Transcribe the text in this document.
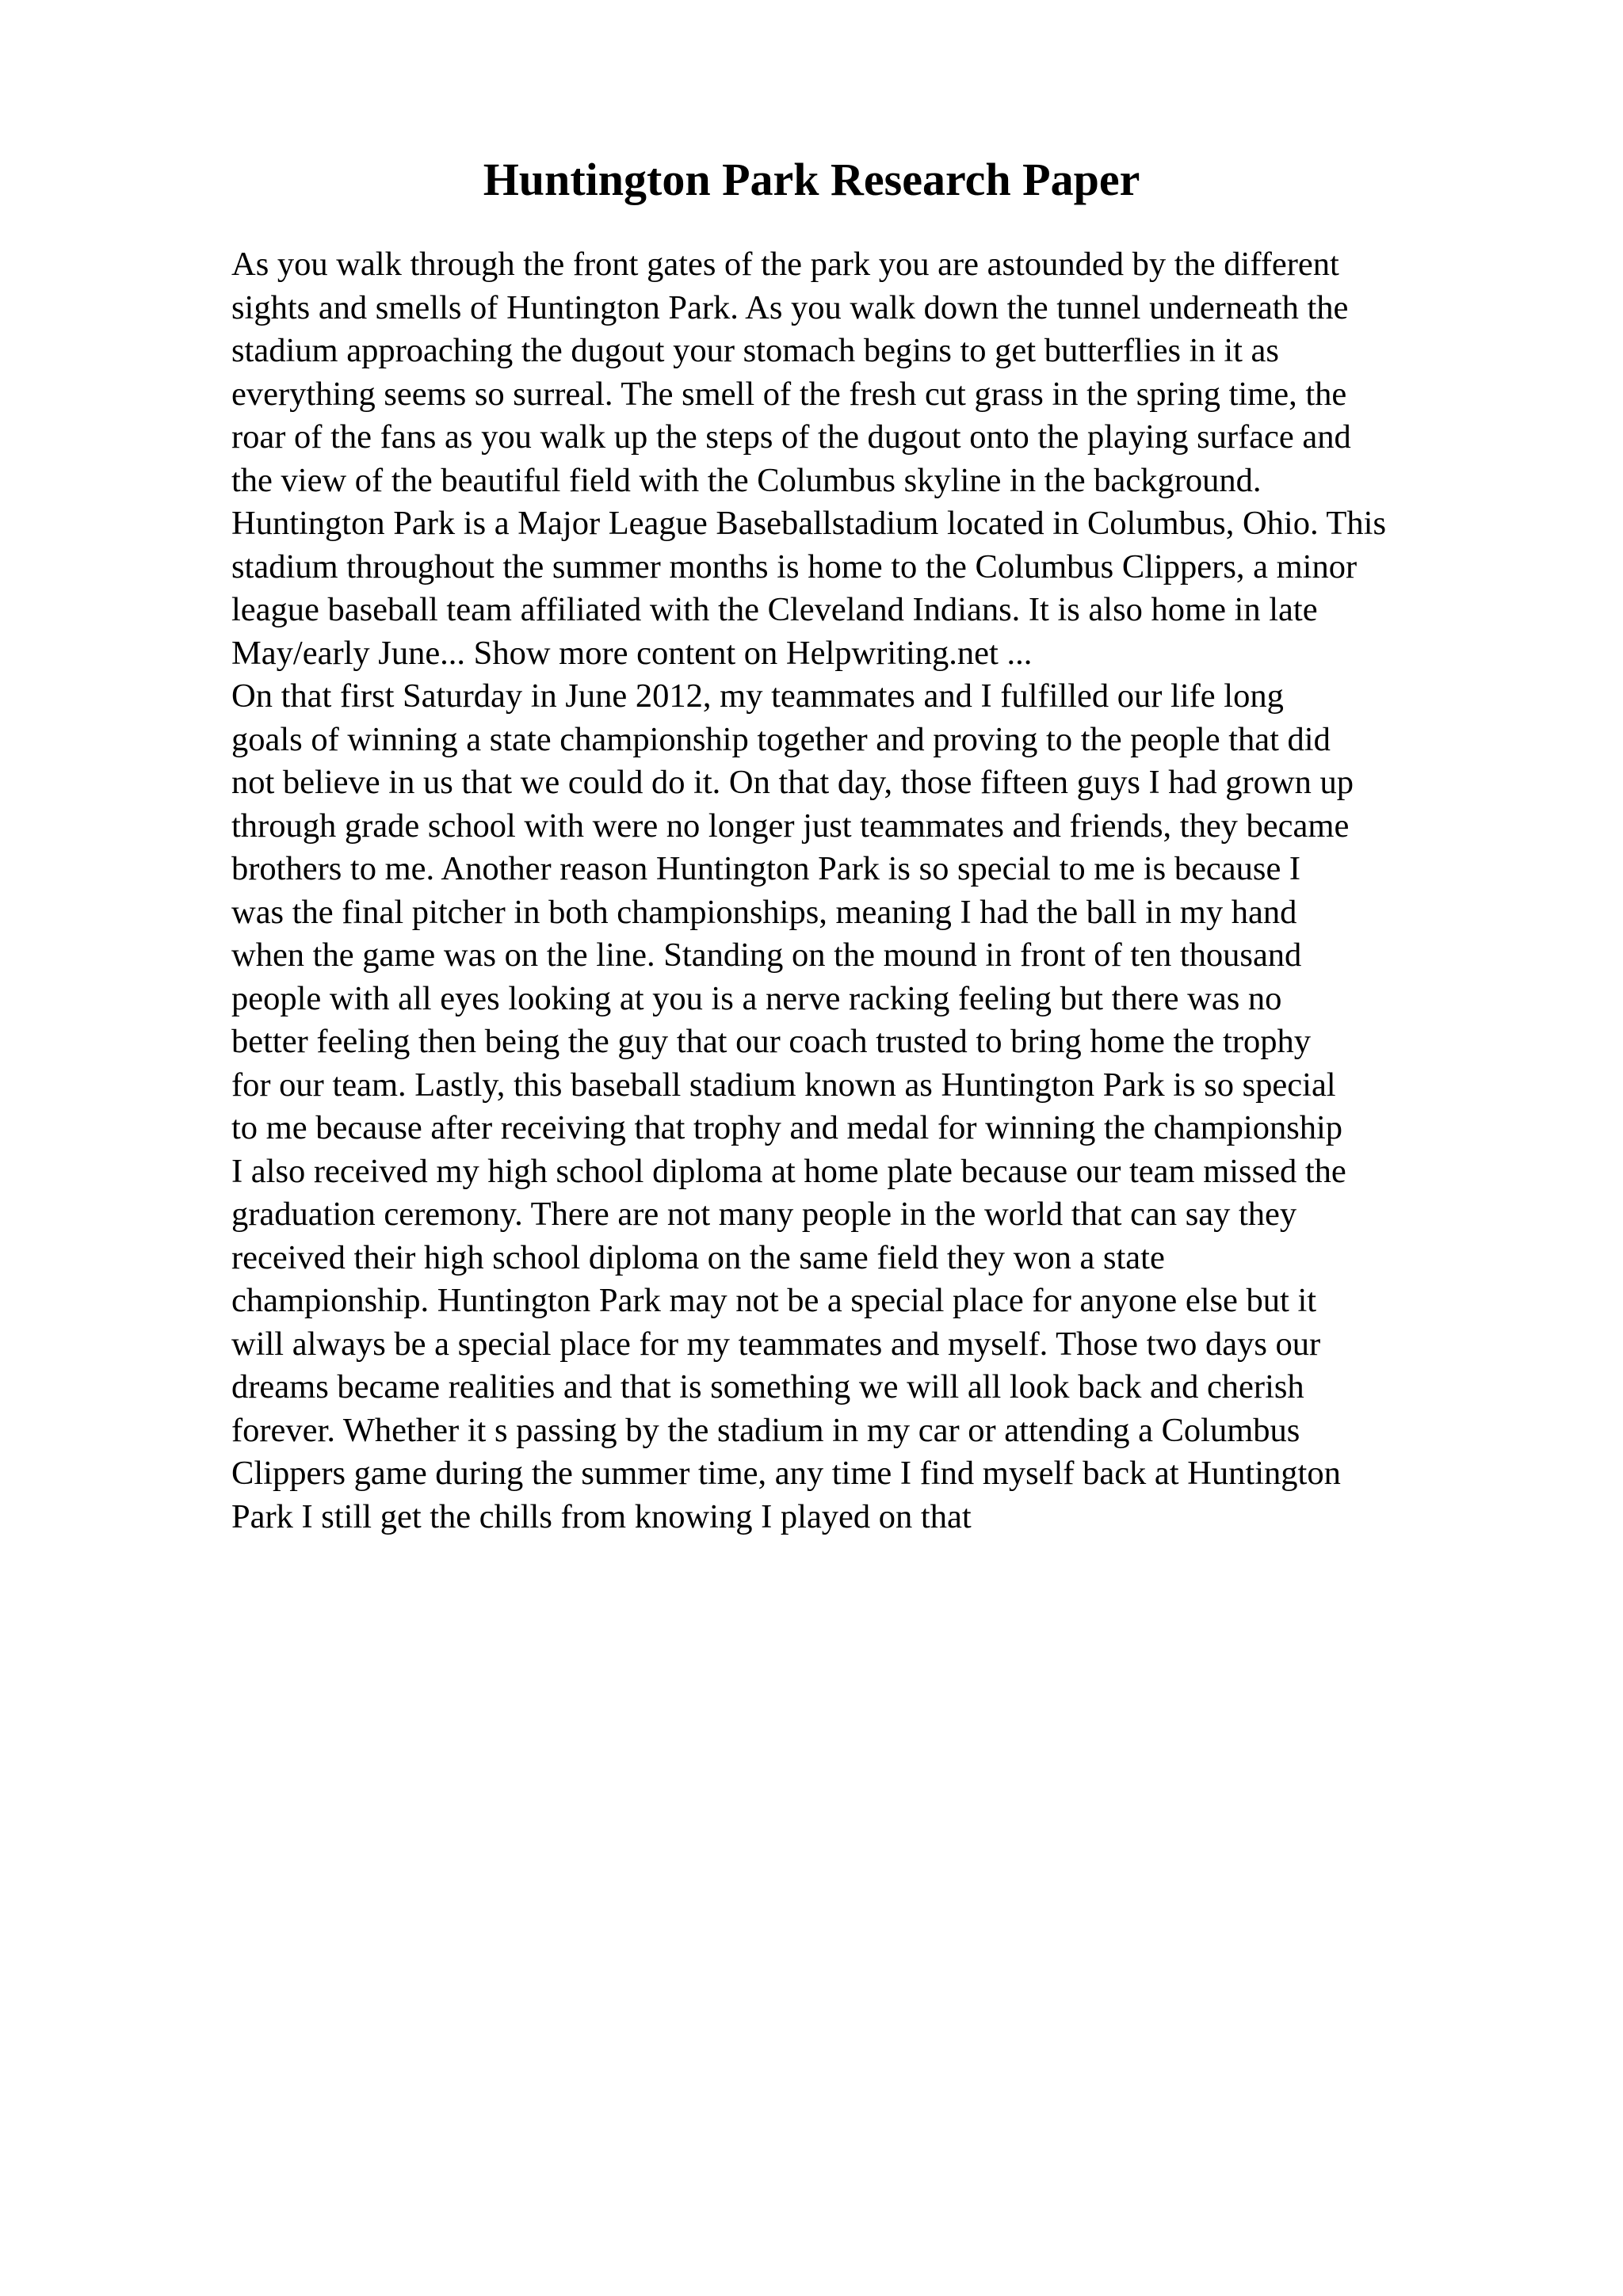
Huntington Park Research Paper
As you walk through the front gates of the park you are astounded by the different
sights and smells of Huntington Park. As you walk down the tunnel underneath the
stadium approaching the dugout your stomach begins to get butterflies in it as
everything seems so surreal. The smell of the fresh cut grass in the spring time, the
roar of the fans as you walk up the steps of the dugout onto the playing surface and
the view of the beautiful field with the Columbus skyline in the background.
Huntington Park is a Major League Baseballstadium located in Columbus, Ohio. This
stadium throughout the summer months is home to the Columbus Clippers, a minor
league baseball team affiliated with the Cleveland Indians. It is also home in late
May/early June... Show more content on Helpwriting.net ...
On that first Saturday in June 2012, my teammates and I fulfilled our life long
goals of winning a state championship together and proving to the people that did
not believe in us that we could do it. On that day, those fifteen guys I had grown up
through grade school with were no longer just teammates and friends, they became
brothers to me. Another reason Huntington Park is so special to me is because I
was the final pitcher in both championships, meaning I had the ball in my hand
when the game was on the line. Standing on the mound in front of ten thousand
people with all eyes looking at you is a nerve racking feeling but there was no
better feeling then being the guy that our coach trusted to bring home the trophy
for our team. Lastly, this baseball stadium known as Huntington Park is so special
to me because after receiving that trophy and medal for winning the championship
I also received my high school diploma at home plate because our team missed the
graduation ceremony. There are not many people in the world that can say they
received their high school diploma on the same field they won a state
championship. Huntington Park may not be a special place for anyone else but it
will always be a special place for my teammates and myself. Those two days our
dreams became realities and that is something we will all look back and cherish
forever. Whether it s passing by the stadium in my car or attending a Columbus
Clippers game during the summer time, any time I find myself back at Huntington
Park I still get the chills from knowing I played on that
